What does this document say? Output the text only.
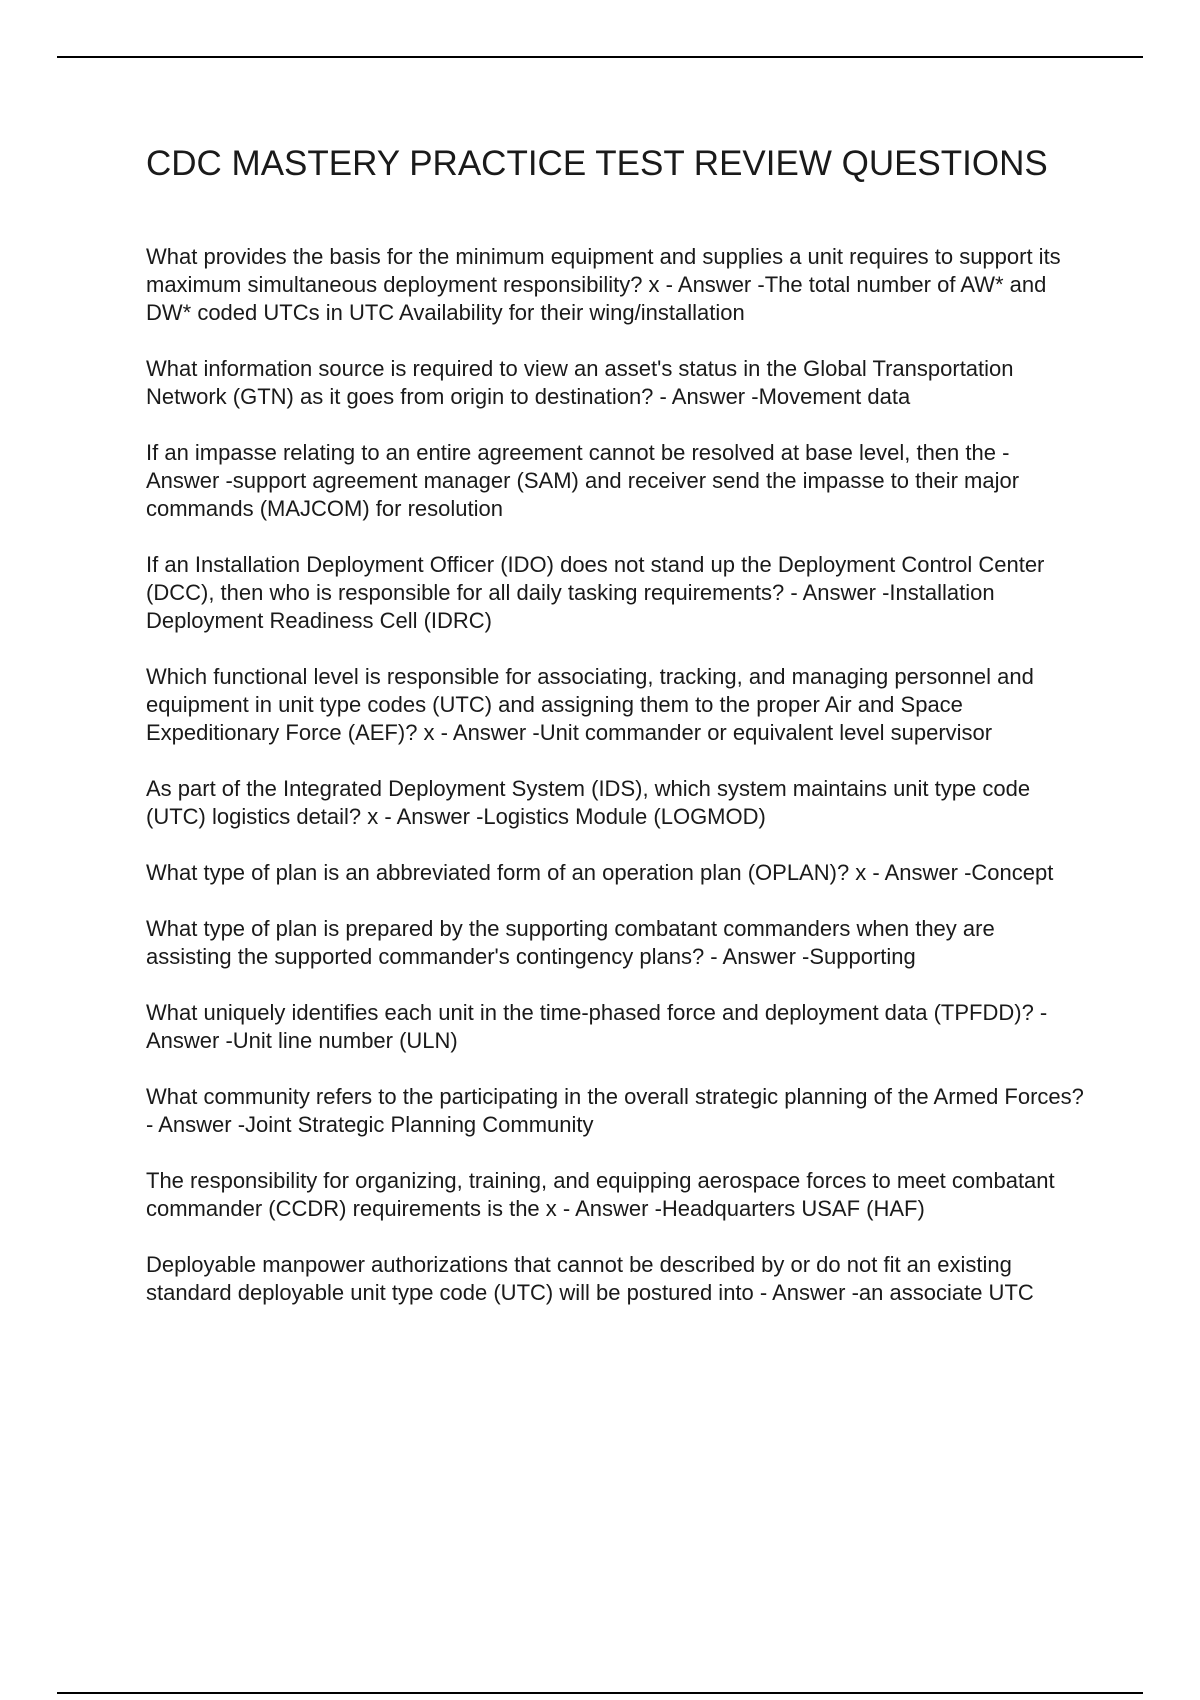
CDC MASTERY PRACTICE TEST REVIEW QUESTIONS
What provides the basis for the minimum equipment and supplies a unit requires to support its maximum simultaneous deployment responsibility? x - Answer -The total number of AW* and DW* coded UTCs in UTC Availability for their wing/installation
What information source is required to view an asset's status in the Global Transportation Network (GTN) as it goes from origin to destination? - Answer -Movement data
If an impasse relating to an entire agreement cannot be resolved at base level, then the - Answer -support agreement manager (SAM) and receiver send the impasse to their major commands (MAJCOM) for resolution
If an Installation Deployment Officer (IDO) does not stand up the Deployment Control Center (DCC), then who is responsible for all daily tasking requirements? - Answer -Installation Deployment Readiness Cell (IDRC)
Which functional level is responsible for associating, tracking, and managing personnel and equipment in unit type codes (UTC) and assigning them to the proper Air and Space Expeditionary Force (AEF)? x - Answer -Unit commander or equivalent level supervisor
As part of the Integrated Deployment System (IDS), which system maintains unit type code (UTC) logistics detail? x - Answer -Logistics Module (LOGMOD)
What type of plan is an abbreviated form of an operation plan (OPLAN)? x - Answer -Concept
What type of plan is prepared by the supporting combatant commanders when they are assisting the supported commander's contingency plans? - Answer -Supporting
What uniquely identifies each unit in the time-phased force and deployment data (TPFDD)? - Answer -Unit line number (ULN)
What community refers to the participating in the overall strategic planning of the Armed Forces? - Answer -Joint Strategic Planning Community
The responsibility for organizing, training, and equipping aerospace forces to meet combatant commander (CCDR) requirements is the x - Answer -Headquarters USAF (HAF)
Deployable manpower authorizations that cannot be described by or do not fit an existing standard deployable unit type code (UTC) will be postured into - Answer -an associate UTC
